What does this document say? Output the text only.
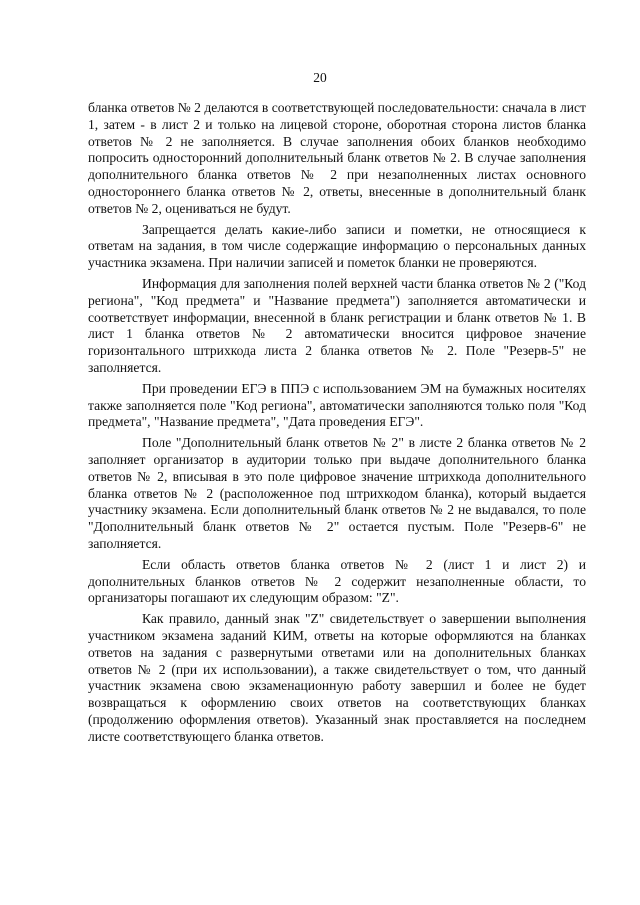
20

бланка ответов № 2 делаются в соответствующей последовательности: сначала в лист 1, затем - в лист 2 и только на лицевой стороне, оборотная сторона листов бланка ответов № 2 не заполняется. В случае заполнения обоих бланков необходимо попросить односторонний дополнительный бланк ответов № 2. В случае заполнения дополнительного бланка ответов № 2 при незаполненных листах основного одностороннего бланка ответов № 2, ответы, внесенные в дополнительный бланк ответов № 2, оцениваться не будут.

Запрещается делать какие-либо записи и пометки, не относящиеся к ответам на задания, в том числе содержащие информацию о персональных данных участника экзамена. При наличии записей и пометок бланки не проверяются.

Информация для заполнения полей верхней части бланка ответов № 2 ("Код региона", "Код предмета" и "Название предмета") заполняется автоматически и соответствует информации, внесенной в бланк регистрации и бланк ответов № 1. В лист 1 бланка ответов № 2 автоматически вносится цифровое значение горизонтального штрихкода листа 2 бланка ответов № 2. Поле "Резерв-5" не заполняется.

При проведении ЕГЭ в ППЭ с использованием ЭМ на бумажных носителях также заполняется поле "Код региона", автоматически заполняются только поля "Код предмета", "Название предмета", "Дата проведения ЕГЭ".

Поле "Дополнительный бланк ответов № 2" в листе 2 бланка ответов № 2 заполняет организатор в аудитории только при выдаче дополнительного бланка ответов № 2, вписывая в это поле цифровое значение штрихкода дополнительного бланка ответов № 2 (расположенное под штрихкодом бланка), который выдается участнику экзамена. Если дополнительный бланк ответов № 2 не выдавался, то поле "Дополнительный бланк ответов № 2" остается пустым. Поле "Резерв-6" не заполняется.

Если область ответов бланка ответов № 2 (лист 1 и лист 2) и дополнительных бланков ответов № 2 содержит незаполненные области, то организаторы погашают их следующим образом: "Z".

Как правило, данный знак "Z" свидетельствует о завершении выполнения участником экзамена заданий КИМ, ответы на которые оформляются на бланках ответов на задания с развернутыми ответами или на дополнительных бланках ответов № 2 (при их использовании), а также свидетельствует о том, что данный участник экзамена свою экзаменационную работу завершил и более не будет возвращаться к оформлению своих ответов на соответствующих бланках (продолжению оформления ответов). Указанный знак проставляется на последнем листе соответствующего бланка ответов.
